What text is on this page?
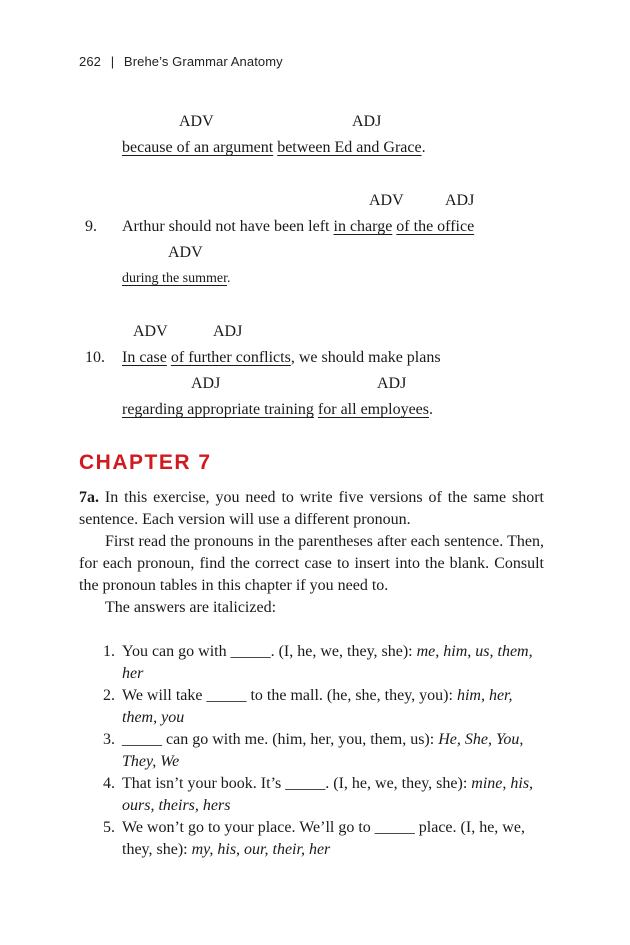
262 | Brehe’s Grammar Anatomy
ADV	ADJ
because of an argument between Ed and Grace.
ADV	ADJ
9. Arthur should not have been left in charge of the office
ADV
during the summer.
ADV	ADJ
10. In case of further conflicts, we should make plans
ADJ	ADJ
regarding appropriate training for all employees.
CHAPTER 7
7a. In this exercise, you need to write five versions of the same short sentence. Each version will use a different pronoun.
First read the pronouns in the parentheses after each sentence. Then, for each pronoun, find the correct case to insert into the blank. Consult the pronoun tables in this chapter if you need to.
The answers are italicized:
1. You can go with _____. (I, he, we, they, she): me, him, us, them, her
2. We will take _____ to the mall. (he, she, they, you): him, her, them, you
3. _____ can go with me. (him, her, you, them, us): He, She, You, They, We
4. That isn’t your book. It’s _____. (I, he, we, they, she): mine, his, ours, theirs, hers
5. We won’t go to your place. We’ll go to _____ place. (I, he, we, they, she): my, his, our, their, her
